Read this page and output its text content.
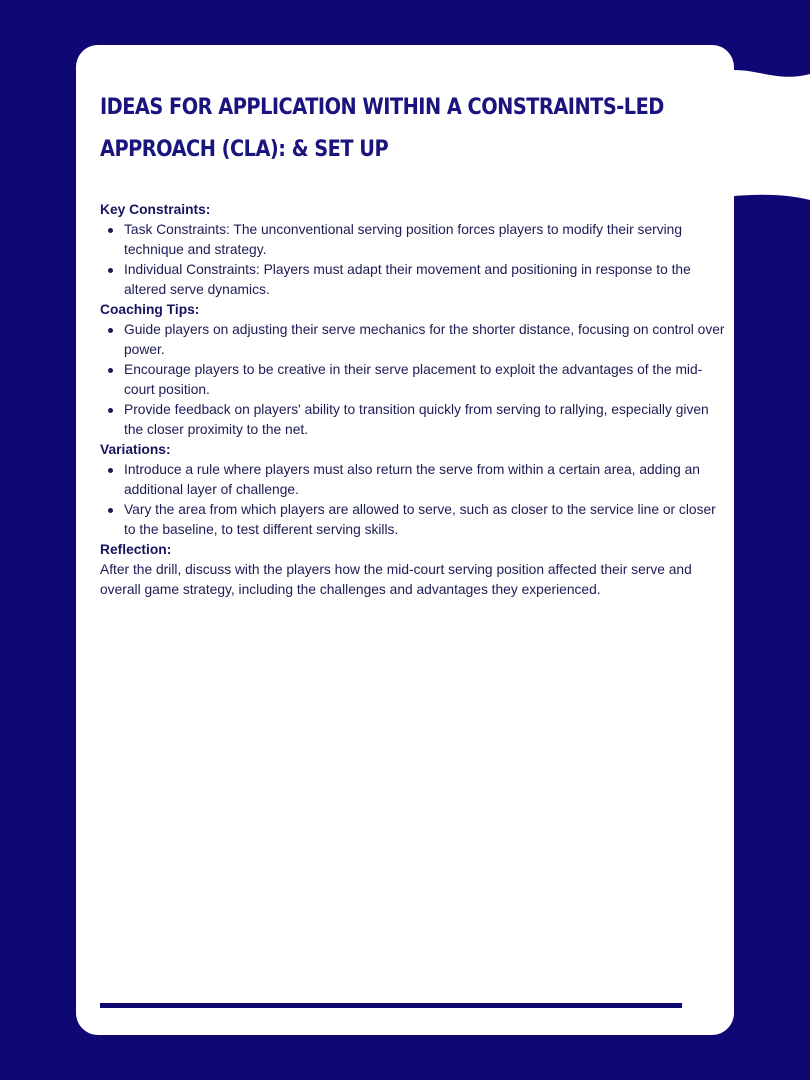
IDEAS FOR APPLICATION WITHIN A CONSTRAINTS-LED APPROACH (CLA): & SET UP
Key Constraints:
Task Constraints: The unconventional serving position forces players to modify their serving technique and strategy.
Individual Constraints: Players must adapt their movement and positioning in response to the altered serve dynamics.
Coaching Tips:
Guide players on adjusting their serve mechanics for the shorter distance, focusing on control over power.
Encourage players to be creative in their serve placement to exploit the advantages of the mid-court position.
Provide feedback on players' ability to transition quickly from serving to rallying, especially given the closer proximity to the net.
Variations:
Introduce a rule where players must also return the serve from within a certain area, adding an additional layer of challenge.
Vary the area from which players are allowed to serve, such as closer to the service line or closer to the baseline, to test different serving skills.
Reflection:

After the drill, discuss with the players how the mid-court serving position affected their serve and overall game strategy, including the challenges and advantages they experienced.
